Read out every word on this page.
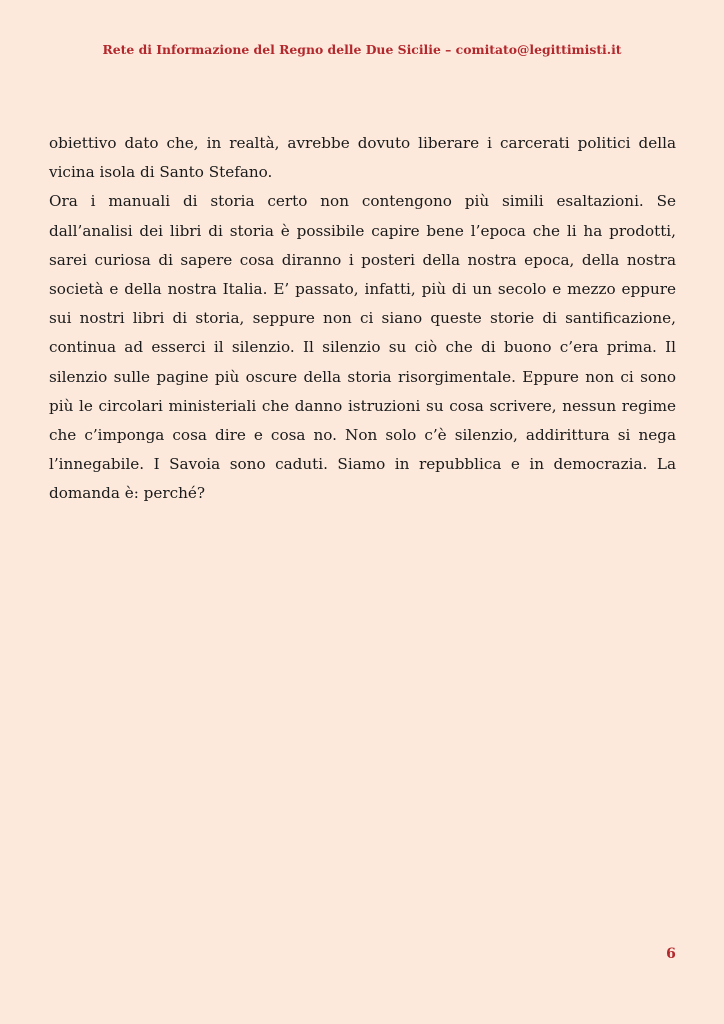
Rete di Informazione del Regno delle Due Sicilie – comitato@legittimisti.it

obiettivo dato che, in realtà, avrebbe dovuto liberare i carcerati politici della vicina isola di Santo Stefano.

Ora i manuali di storia certo non contengono più simili esaltazioni. Se dall’analisi dei libri di storia è possibile capire bene l’epoca che li ha prodotti, sarei curiosa di sapere cosa diranno i posteri della nostra epoca, della nostra società e della nostra Italia. E’ passato, infatti, più di un secolo e mezzo eppure sui nostri libri di storia, seppure non ci siano queste storie di santificazione, continua ad esserci il silenzio. Il silenzio su ciò che di buono c’era prima. Il silenzio sulle pagine più oscure della storia risorgimentale. Eppure non ci sono più le circolari ministeriali che danno istruzioni su cosa scrivere, nessun regime che c’imponga cosa dire e cosa no. Non solo c’è silenzio, addirittura si nega l’innegabile. I Savoia sono caduti. Siamo in repubblica e in democrazia. La domanda è: perché?

6
